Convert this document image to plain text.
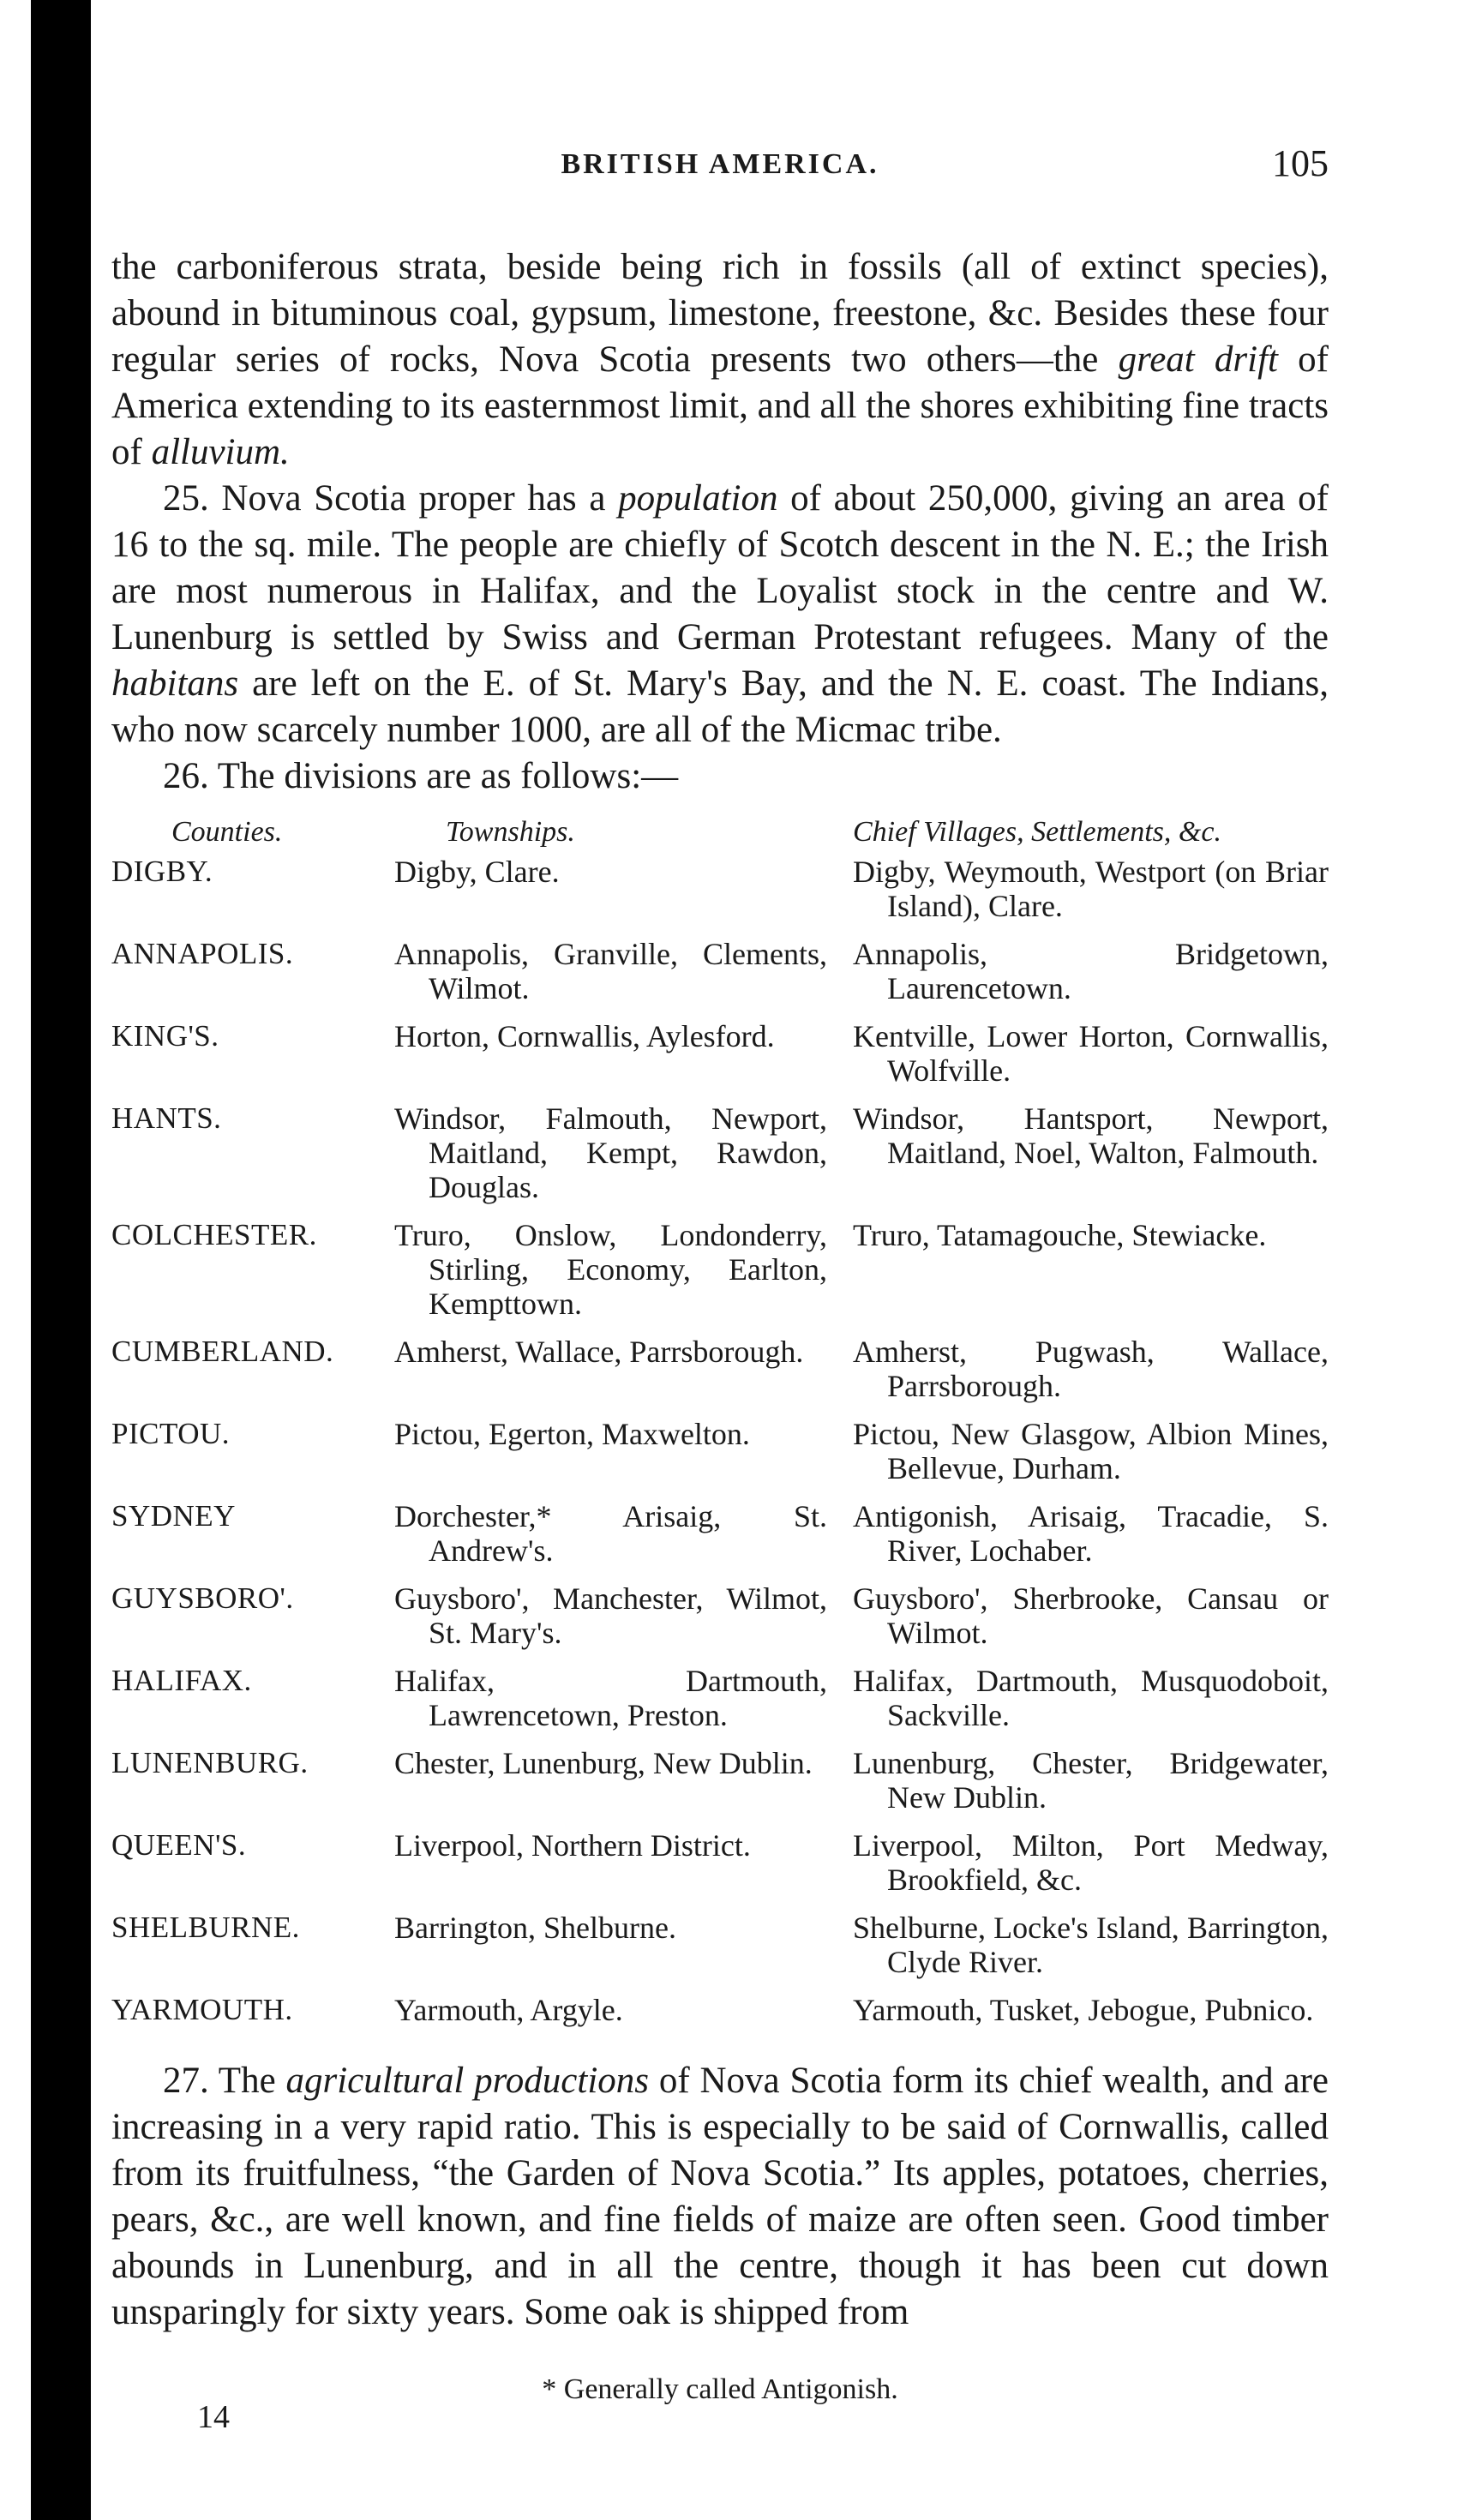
BRITISH AMERICA.	105

the carboniferous strata, beside being rich in fossils (all of extinct species), abound in bituminous coal, gypsum, limestone, freestone, &c. Besides these four regular series of rocks, Nova Scotia presents two others—the great drift of America extending to its easternmost limit, and all the shores exhibiting fine tracts of alluvium.

25. Nova Scotia proper has a population of about 250,000, giving an area of 16 to the sq. mile. The people are chiefly of Scotch descent in the N. E.; the Irish are most numerous in Halifax, and the Loyalist stock in the centre and W. Lunenburg is settled by Swiss and German Protestant refugees. Many of the habitans are left on the E. of St. Mary's Bay, and the N. E. coast. The Indians, who now scarcely number 1000, are all of the Micmac tribe.

26. The divisions are as follows:—

Counties.	Townships.	Chief Villages, Settlements, &c.

DIGBY.	Digby, Clare.	Digby, Weymouth, Westport (on Briar Island), Clare.

ANNAPOLIS.	Annapolis, Granville, Clements, Wilmot.	Annapolis, Bridgetown, Laurencetown.

KING'S.	Horton, Cornwallis, Aylesford.	Kentville, Lower Horton, Cornwallis, Wolfville.

HANTS.	Windsor, Falmouth, Newport, Maitland, Kempt, Rawdon, Douglas.	Windsor, Hantsport, Newport, Maitland, Noel, Walton, Falmouth.

COLCHESTER.	Truro, Onslow, Londonderry, Stirling, Economy, Earlton, Kempttown.	Truro, Tatamagouche, Stewiacke.

CUMBERLAND.	Amherst, Wallace, Parrsborough.	Amherst, Pugwash, Wallace, Parrsborough.

PICTOU.	Pictou, Egerton, Maxwelton.	Pictou, New Glasgow, Albion Mines, Bellevue, Durham.

SYDNEY	Dorchester,* Arisaig, St. Andrew's.	Antigonish, Arisaig, Tracadie, S. River, Lochaber.

GUYSBORO'.	Guysboro', Manchester, Wilmot, St. Mary's.	Guysboro', Sherbrooke, Cansau or Wilmot.

HALIFAX.	Halifax, Dartmouth, Lawrencetown, Preston.	Halifax, Dartmouth, Musquodoboit, Sackville.

LUNENBURG.	Chester, Lunenburg, New Dublin.	Lunenburg, Chester, Bridgewater, New Dublin.

QUEEN'S.	Liverpool, Northern District.	Liverpool, Milton, Port Medway, Brookfield, &c.

SHELBURNE.	Barrington, Shelburne.	Shelburne, Locke's Island, Barrington, Clyde River.

YARMOUTH.	Yarmouth, Argyle.	Yarmouth, Tusket, Jebogue, Pubnico.

27. The agricultural productions of Nova Scotia form its chief wealth, and are increasing in a very rapid ratio. This is especially to be said of Cornwallis, called from its fruitfulness, “the Garden of Nova Scotia.” Its apples, potatoes, cherries, pears, &c., are well known, and fine fields of maize are often seen. Good timber abounds in Lunenburg, and in all the centre, though it has been cut down unsparingly for sixty years. Some oak is shipped from

* Generally called Antigonish.
14
